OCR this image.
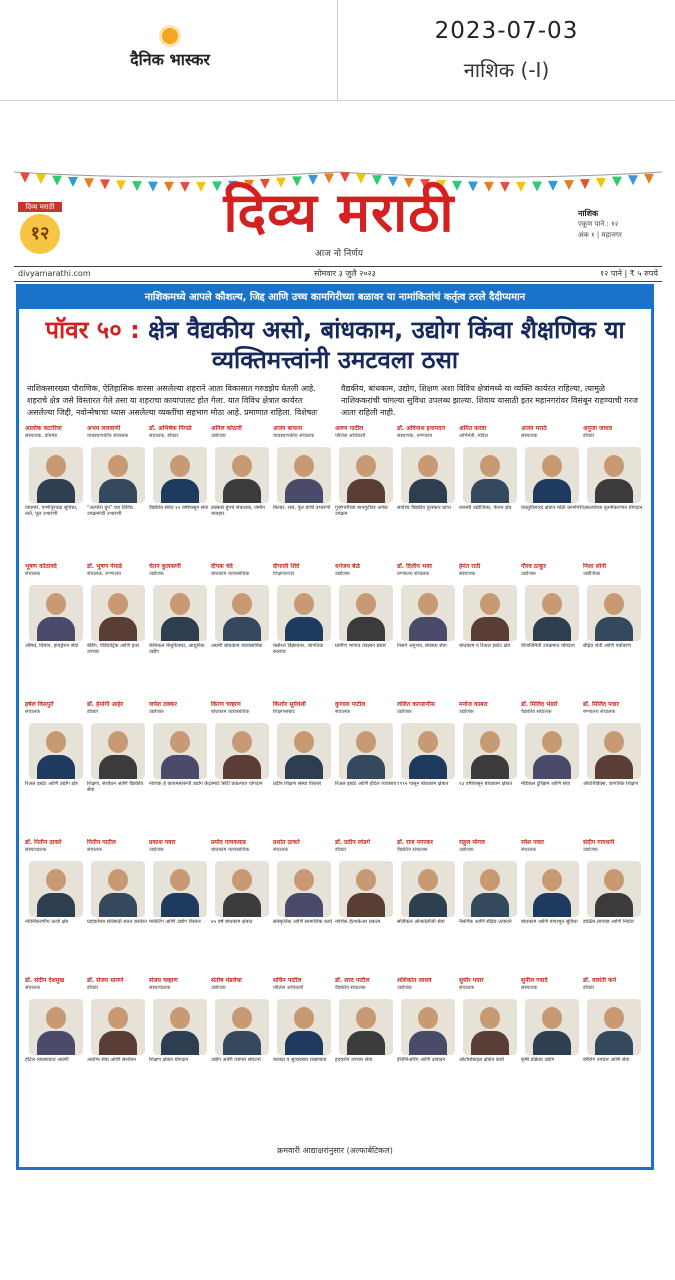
दैनिक भास्कर
2023-07-03
नाशिक (-I)
दिव्य मराठी
१२	दिव्य मराठी
आज नो निर्णय
नाशिक
एकूण पाने : १२
अंक १ | महानगर
divyamarathi.com	सोमवार ३ जुलै २०२३	१२ पाने | ₹ ५ रुपये
नाशिकमध्ये आपले कौशल्य, जिद्द आणि उच्च कामगिरीच्या बळावर या नामांकितांचं कर्तृत्व ठरले दैदीप्यमान
पॉवर ५० : क्षेत्र वैद्यकीय असो, बांधकाम, उद्योग किंवा शैक्षणिक या व्यक्तिमत्त्वांनी उमटवला ठसा
नाशिकसारख्या पौराणिक, ऐतिहासिक वारसा असलेल्या शहराने आता विकासात गरुडझेप घेतली आहे. शहराचे क्षेत्र जसे विस्तारत गेले तसा या शहराचा कायापालट होत गेला. यात विविध क्षेत्रात कार्यरत असलेल्या जिद्दी, नवोन्मेषाचा ध्यास असलेल्या व्यक्तींचा सहभाग मोठा आहे. प्रमाणात राहिला. विशेषतः वैद्यकीय, बांधकाम, उद्योग, शिक्षण अशा विविध क्षेत्रांमध्ये या व्यक्ति कार्यरत राहिल्या, त्यामुळे नाशिककरांची चांगल्या सुविधा उपलब्ध झाल्या. शिवाय यासाठी इतर महानगरांवर विसंबून राहण्याची गरज आता राहिली नाही.
आलोक कटारिया
संस्थापक, डायमंड
वाघमारे, पाणीपुरवठा सुविधा, रस्ते, पूल उभारणी
अभय ललवाणी
व्यवस्थापकीय संचालक
"अल्पोरा ग्रुप" च्या विविध उपक्रमांची उभारणी
डॉ. अभिषेक पिंगळे
संचालक, डॉक्टर
वैद्यकीय सेवेत १५ वर्षांपासून सेवा
अनिल कोठारी
उद्योजक
ठक्कर्स ग्रुपचे संचालक, जमीन व्यवहार
अजय बाफना
व्यवस्थापकीय संचालक
बिल्डर, रस्ते, पूल यांची उभारणी
अरुण पाटील
पोलिस अधिकारी
गुन्हेगारीच्या मानगुटीवर अनेक उपक्रम
डॉ. अविनाश इनामदार
संस्थापक, रुग्णालय
सर्वोच्च वैद्यकीय पुरस्कार प्राप्त
अमित करवा
अभिनेत्री, मॉडेल
यशस्वी उद्योजिका, फॅशन क्षेत्र
अजय मराठे
संस्थापक
वास्तुविशारद क्षेत्रात मोठी कामगिरी
अनुजा जाधव
डॉक्टर
प्रकल्पांच्या नूतनीकरणात योगदान
भूषण कोठावदे
संचालक
औषधे, विमान, हायड्रेशन सेवा
डॉ. भूषण नेमाडे
संचालक, रुग्णालय
बेडिंग, पेडियाट्रिक आणि इतर उपचार
चेतन कुलकर्णी
उद्योजक
केमिकल मॅन्युफॅक्चर, आधुनिक उद्योग
दीपक चंदे
बांधकाम व्यावसायिक
अग्रणी बांधकाम व्यावसायिक
दीपाली शिंदे
शिक्षणतज्ज्ञ
फ्लोरल डिझायनर, जागतिक स्तरावर
धनंजय बेळे
उद्योजक
ग्रामीण भागात तंत्रज्ञान प्रसार
डॉ. दिलीप भवर
रुग्णालय संचालक
निसर्ग अनुभव, स्वास्थ्य सेवा
हेमंत राठी
संस्थापक
बांधकाम व रिअल इस्टेट क्षेत्र
गौरव ठाकूर
उद्योजक
वीजनिर्मिती उपक्रमात योगदान
निशा सोनी
उद्योजिका
सेंद्रिय शेती आणि पर्यावरण
हर्षल विसपुते
संचालक
रिअल इस्टेट आणि उद्योग क्षेत्र
डॉ. हेमांगी आहेर
डॉक्टर
शिक्षण, संशोधन आणि वैद्यकीय सेवा
जयेश ठक्कर
उद्योजक
नाशिक हे कायमस्वरूपी उद्योग केंद्र
किरण चव्हाण
बांधकाम व्यावसायिक
स्मार्ट सिटी प्रकल्पात योगदान
किशोर सूर्यवंशी
शिक्षणसम्राट
प्रदीप शिक्षण संस्था विस्तार
कुणाल पाटील
संचालक
रिअल इस्टेट आणि हॉटेल व्यवसाय
ललित कापडणीस
उद्योजक
१९९५ पासून बांधकाम क्षेत्रात
मनोज काबरा
उद्योजक
२३ वर्षांपासून बांधकाम क्षेत्रात
डॉ. मिलिंद भंडारे
वैद्यकीय संचालक
मेडिकल टुरिझम आणि सेवा
डॉ. मिलिंद पवार
रुग्णालय संचालक
ऑर्थोपेडिक्स, जागतिक शिक्षण
डॉ. नितीन ठाकरे
संस्थाचालक
नविनीकरणीय ऊर्जा क्षेत्र
नितीन पाटील
संचालक
ग्राहकांच्या सेवेसाठी सतत कार्यरत
प्रकाश पवार
उद्योजक
मार्केटिंग आणि उद्योग विस्तार
प्रमोद गायकवाड
बांधकाम व्यावसायिक
४५ वर्षे बांधकाम क्षेत्रात
प्रशांत ठाकरे
संचालक
सांस्कृतिक आणि सामाजिक कार्य
डॉ. प्रदीप लांडगे
डॉक्टर
नाशिक हेल्थकेअर प्रकल्प
डॉ. राज नगरकर
वैद्यकीय संचालक
सर्जिकल ऑन्कोलॉजी सेवा
राहुल मोगल
उद्योजक
नैसर्गिक आणि सेंद्रिय उत्पादने
रमेश पवार
संचालक
बांधकाम आणि पायाभूत सुविधा
संदीप गायधनी
उद्योजक
डाळिंब लागवड आणि निर्यात
डॉ. संदीप देशमुख
संचालक
हॉटेल व्यवसायात अग्रणी
डॉ. संजय धामणे
डॉक्टर
आरोग्य सेवा आणि संशोधन
संजय चव्हाण
संस्थाचालक
शिक्षण क्षेत्रात योगदान
संतोष मंडलेचा
उद्योजक
उद्योग आणि व्यापार संघटना
सचिन पाटील
पोलिस अधिकारी
कायदा व सुव्यवस्था राखण्यात
डॉ. शरद पाटील
वैद्यकीय संचालक
हृदयरोग उपचार सेवा
शशिकांत जाधव
उद्योजक
इंजिनिअरिंग आणि उत्पादन
सुधीर पवार
संचालक
ऑटोमोबाइल क्षेत्रात कार्य
सुनील गवादे
संस्थापक
कृषी प्रक्रिया उद्योग
डॉ. वासंती कने
डॉक्टर
स्त्रीरोग उपचार आणि सेवा
क्रमवारी आद्याक्षरांनुसार (अल्फाबेटिकल)
